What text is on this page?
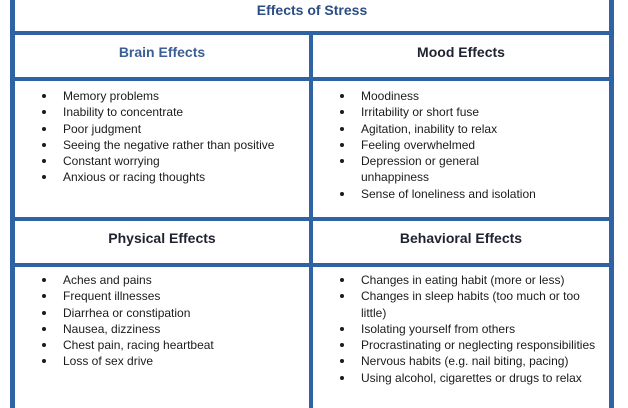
Effects of Stress
Brain Effects	Mood Effects
Memory problems
Inability to concentrate
Poor judgment
Seeing the negative rather than positive
Constant worrying
Anxious or racing thoughts
Moodiness
Irritability or short fuse
Agitation, inability to relax
Feeling overwhelmed
Depression or general unhappiness
Sense of loneliness and isolation
Physical Effects	Behavioral Effects
Aches and pains
Frequent illnesses
Diarrhea or constipation
Nausea, dizziness
Chest pain, racing heartbeat
Loss of sex drive
Changes in eating habit (more or less)
Changes in sleep habits (too much or too little)
Isolating yourself from others
Procrastinating or neglecting responsibilities
Nervous habits (e.g. nail biting, pacing)
Using alcohol, cigarettes or drugs to relax
